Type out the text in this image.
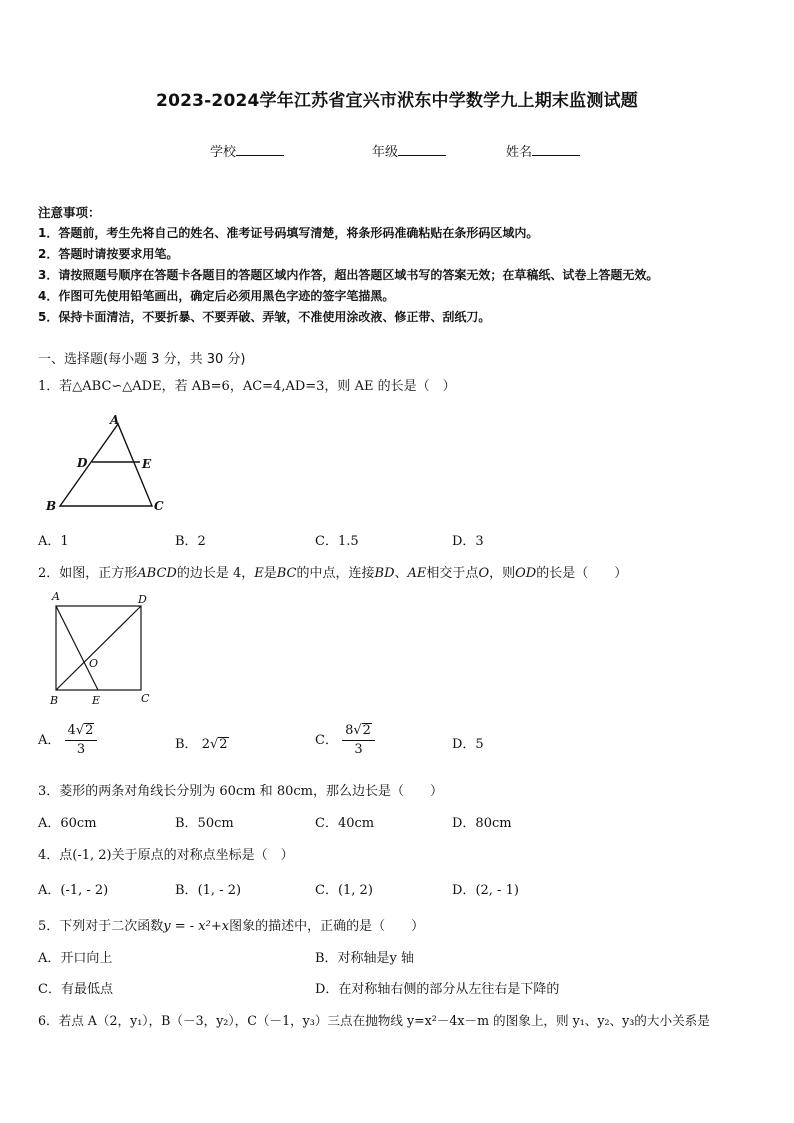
2023-2024学年江苏省宜兴市洑东中学数学九上期末监测试题
学校	年级	姓名
注意事项：
1．答题前，考生先将自己的姓名、准考证号码填写清楚，将条形码准确粘贴在条形码区域内。
2．答题时请按要求用笔。
3．请按照题号顺序在答题卡各题目的答题区域内作答，超出答题区域书写的答案无效；在草稿纸、试卷上答题无效。
4．作图可先使用铅笔画出，确定后必须用黑色字迹的签字笔描黑。
5．保持卡面清洁，不要折暴、不要弄破、弄皱，不准使用涂改液、修正带、刮纸刀。
一、选择题(每小题 3 分，共 30 分)
1．若△ABC∽△ADE，若 AB=6，AC=4,AD=3，则 AE 的长是（　）
A
D	E
B	C
A．1	B．2	C．1.5	D．3
2．如图，正方形ABCD的边长是 4，E是BC的中点，连接BD、AE相交于点O，则OD的长是（　　）
A	D
B	E	C
O
A． $\frac{4√2}{3}$	B． 2√2	C． $\frac{8√2}{3}$	D．5
3．菱形的两条对角线长分别为 60cm 和 80cm，那么边长是（　　）
A．60cm	B．50cm	C．40cm	D．80cm
4．点(-1, 2)关于原点的对称点坐标是（　）
A．(-1, - 2)	B．(1, - 2)	C．(1, 2)	D．(2, - 1)
5．下列对于二次函数y = - x²+x图象的描述中，正确的是（　　）
A．开口向上	B．对称轴是y 轴
C．有最低点	D．在对称轴右侧的部分从左往右是下降的
6．若点 A（2，y₁），B（－3，y₂），C（－1，y₃）三点在抛物线 y=x²－4x－m 的图象上，则 y₁、y₂、y₃的大小关系是
